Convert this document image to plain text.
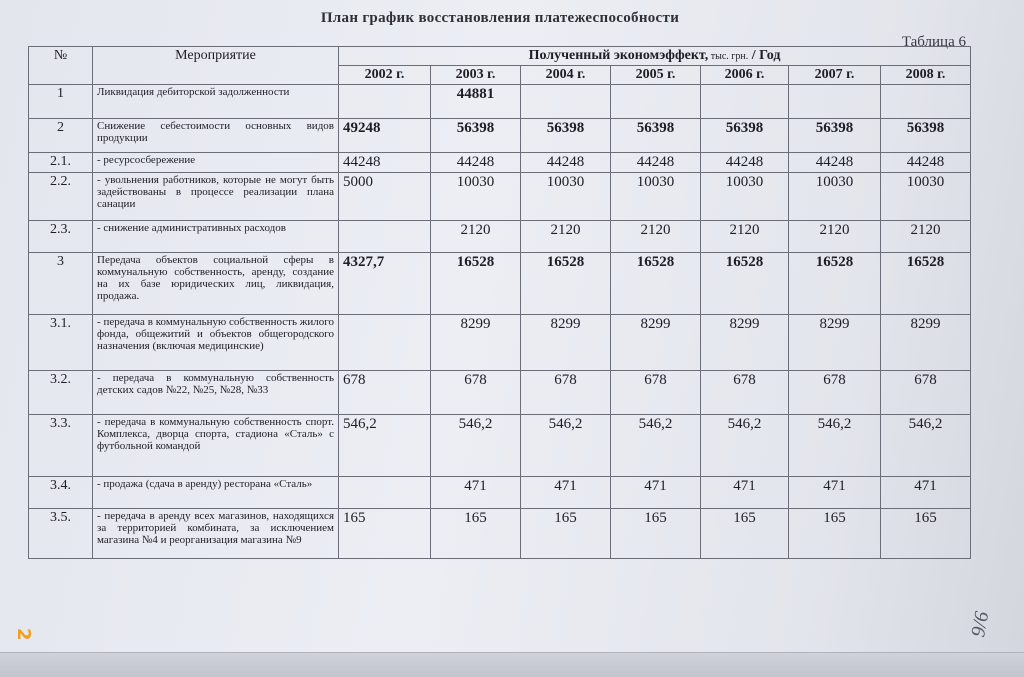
План график восстановления платежеспособности
Таблица 6
№	Мероприятие	Полученный экономэффект, тыс. грн. / Год						
		2002 г.	2003 г.	2004 г.	2005 г.	2006 г.	2007 г.	2008 г.
1	Ликвидация дебиторской задолженности		44881					
2	Снижение себестоимости основных видов продукции	49248	56398	56398	56398	56398	56398	56398
2.1.	- ресурсосбережение	44248	44248	44248	44248	44248	44248	44248
2.2.	- увольнения работников, которые не могут быть задействованы в процессе реализации плана санации	5000	10030	10030	10030	10030	10030	10030
2.3.	- снижение административных расходов		2120	2120	2120	2120	2120	2120
3	Передача объектов социальной сферы в коммунальную собственность, аренду, создание на их базе юридических лиц, ликвидация, продажа.	4327,7	16528	16528	16528	16528	16528	16528
3.1.	- передача в коммунальную собственность жилого фонда, общежитий и объектов общегородского назначения (включая медицинские)		8299	8299	8299	8299	8299	8299
3.2.	- передача в коммунальную собственность детских садов №22, №25, №28, №33	678	678	678	678	678	678	678
3.3.	- передача в коммунальную собственность спорт. Комплекса, дворца спорта, стадиона «Сталь» с футбольной командой	546,2	546,2	546,2	546,2	546,2	546,2	546,2
3.4.	- продажа (сдача в аренду) ресторана «Сталь»		471	471	471	471	471	471
3.5.	- передача в аренду всех магазинов, находящихся за территорией комбината, за исключением магазина №4 и реорганизация магазина №9	165	165	165	165	165	165	165
2	9/6
